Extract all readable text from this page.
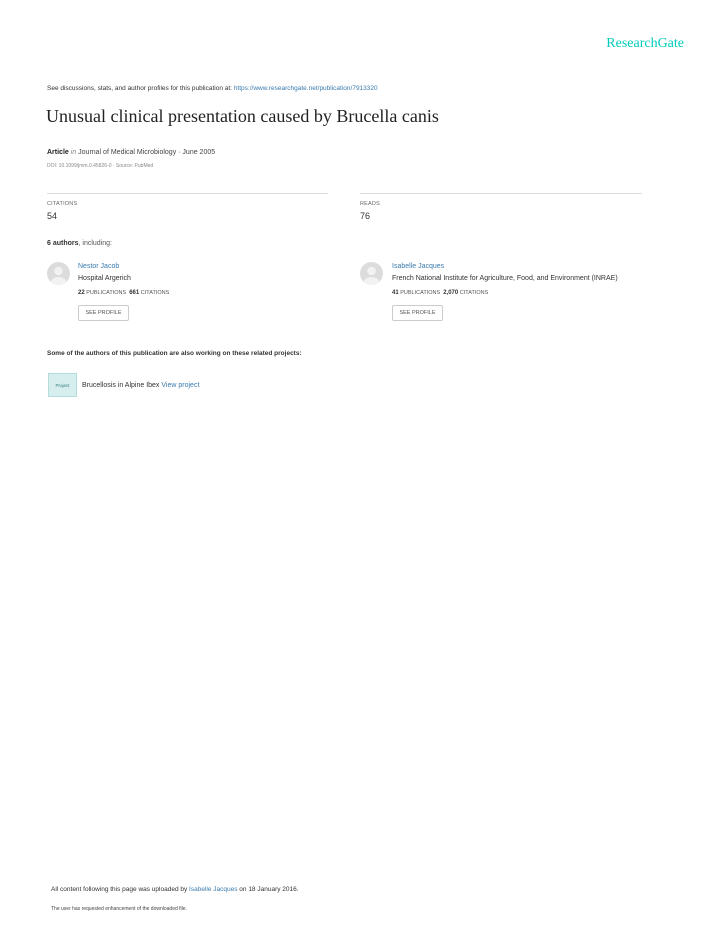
ResearchGate
See discussions, stats, and author profiles for this publication at: https://www.researchgate.net/publication/7913320
Unusual clinical presentation caused by Brucella canis
Article in Journal of Medical Microbiology · June 2005
DOI: 10.1099/jmm.0.45826-0 · Source: PubMed
CITATIONS
54
READS
76
6 authors, including:
Nestor Jacob
Hospital Argerich
22 PUBLICATIONS 661 CITATIONS
SEE PROFILE
Isabelle Jacques
French National Institute for Agriculture, Food, and Environment (INRAE)
41 PUBLICATIONS 2,070 CITATIONS
SEE PROFILE
Some of the authors of this publication are also working on these related projects:
Project	Brucellosis in Alpine Ibex View project
All content following this page was uploaded by Isabelle Jacques on 18 January 2016.
The user has requested enhancement of the downloaded file.
